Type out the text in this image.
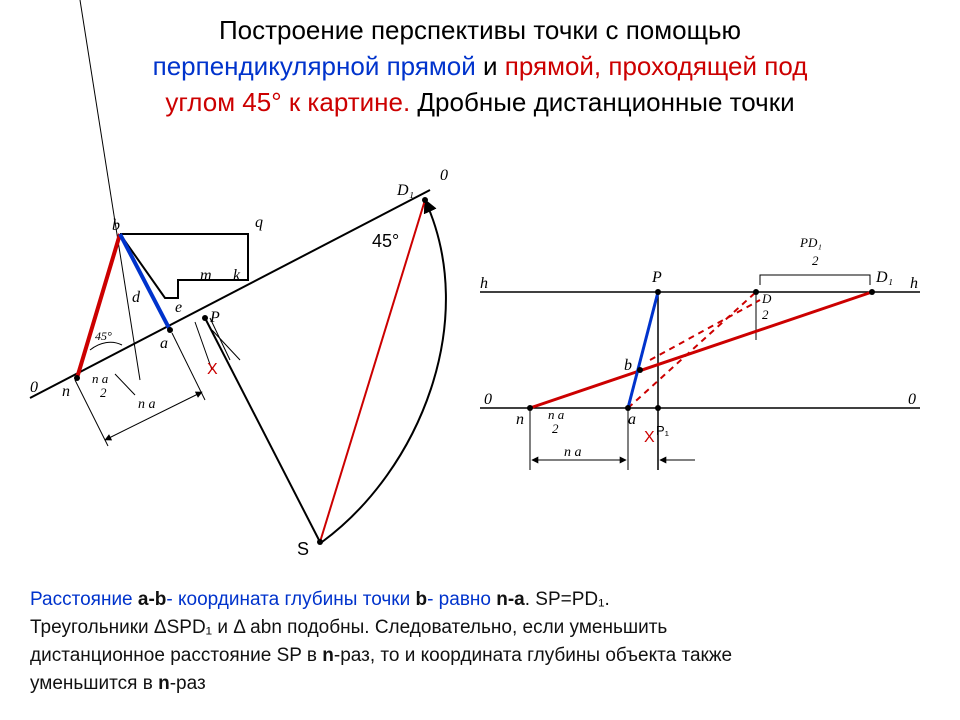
Построение перспективы точки с помощью
перпендикулярной прямой и прямой, проходящей под
углом 45° к картине. Дробные дистанционные точки
D₁
0
b	q
m k
d
e
P
a
n
0
45°
45°
n a
2
n a
X
S
PD₁
2
D₁
h	h
P
D
2
b
0	0
n	a
n a
2
X P₁
n a
Расстояние a-b- координата глубины точки b- равно n-a. SP=PD₁.
Треугольники ΔSPD₁ и Δ abn подобны. Следовательно, если уменьшить
дистанционное расстояние SP в n-раз, то и координата глубины объекта также
уменьшится в n-раз
